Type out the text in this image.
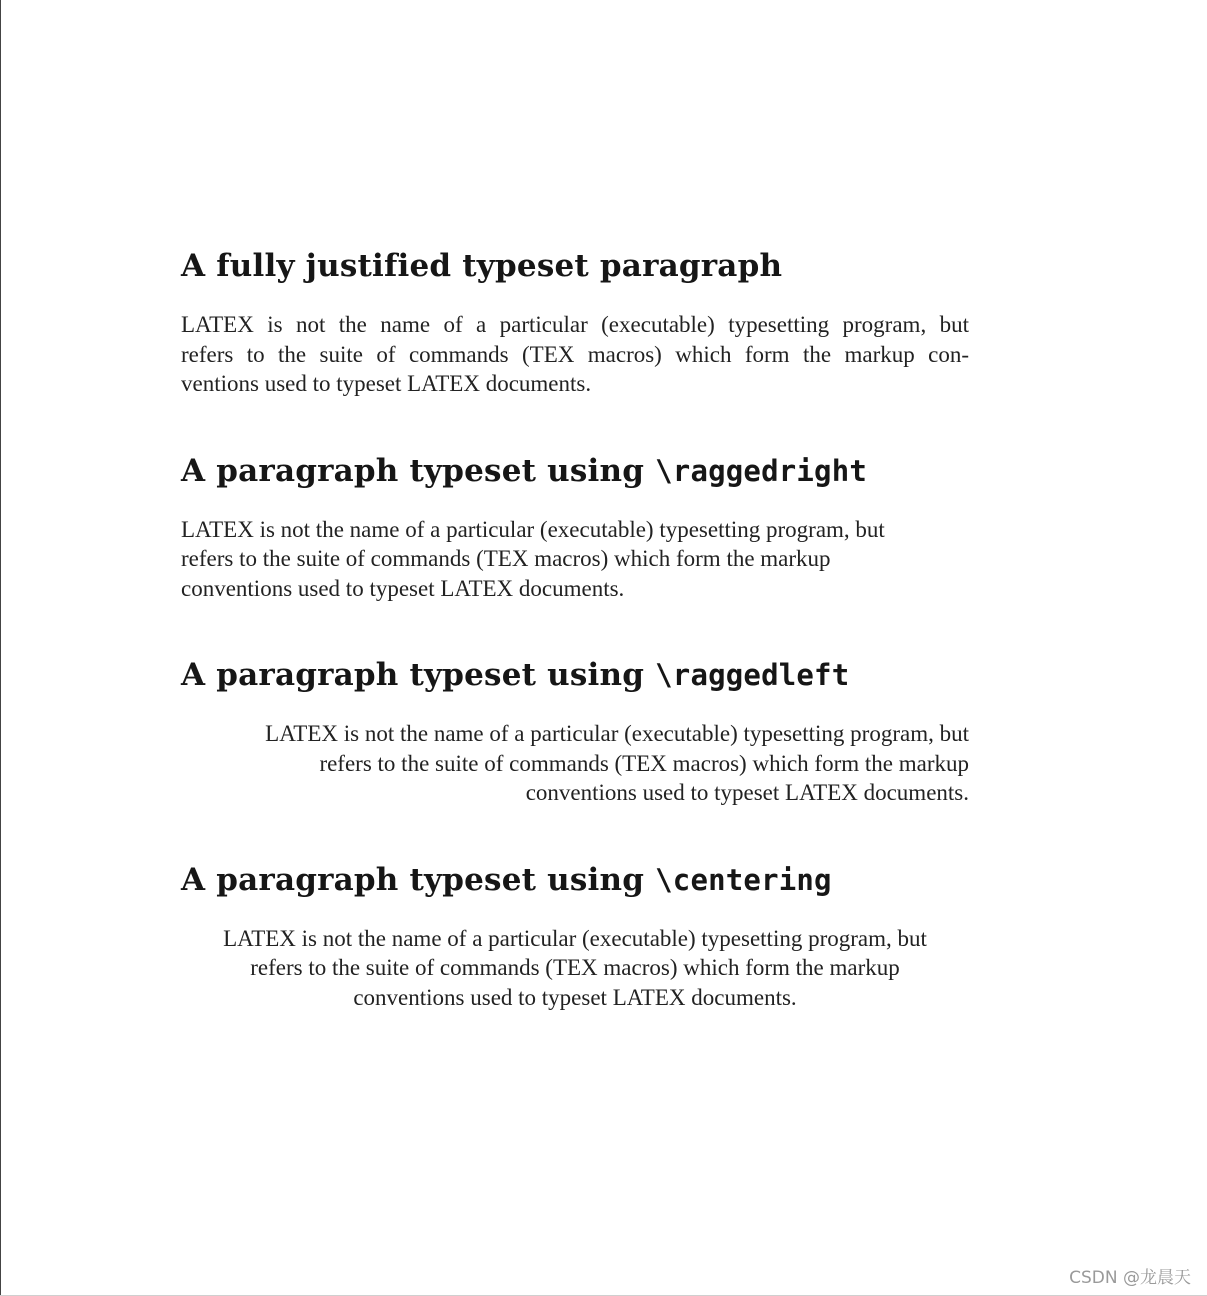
A fully justified typeset paragraph
LATEX is not the name of a particular (executable) typesetting program, but
refers to the suite of commands (TEX macros) which form the markup con-
ventions used to typeset LATEX documents.
A paragraph typeset using \raggedright
LATEX is not the name of a particular (executable) typesetting program, but
refers to the suite of commands (TEX macros) which form the markup
conventions used to typeset LATEX documents.
A paragraph typeset using \raggedleft
LATEX is not the name of a particular (executable) typesetting program, but
refers to the suite of commands (TEX macros) which form the markup
conventions used to typeset LATEX documents.
A paragraph typeset using \centering
LATEX is not the name of a particular (executable) typesetting program, but
refers to the suite of commands (TEX macros) which form the markup
conventions used to typeset LATEX documents.
CSDN @龙晨天
